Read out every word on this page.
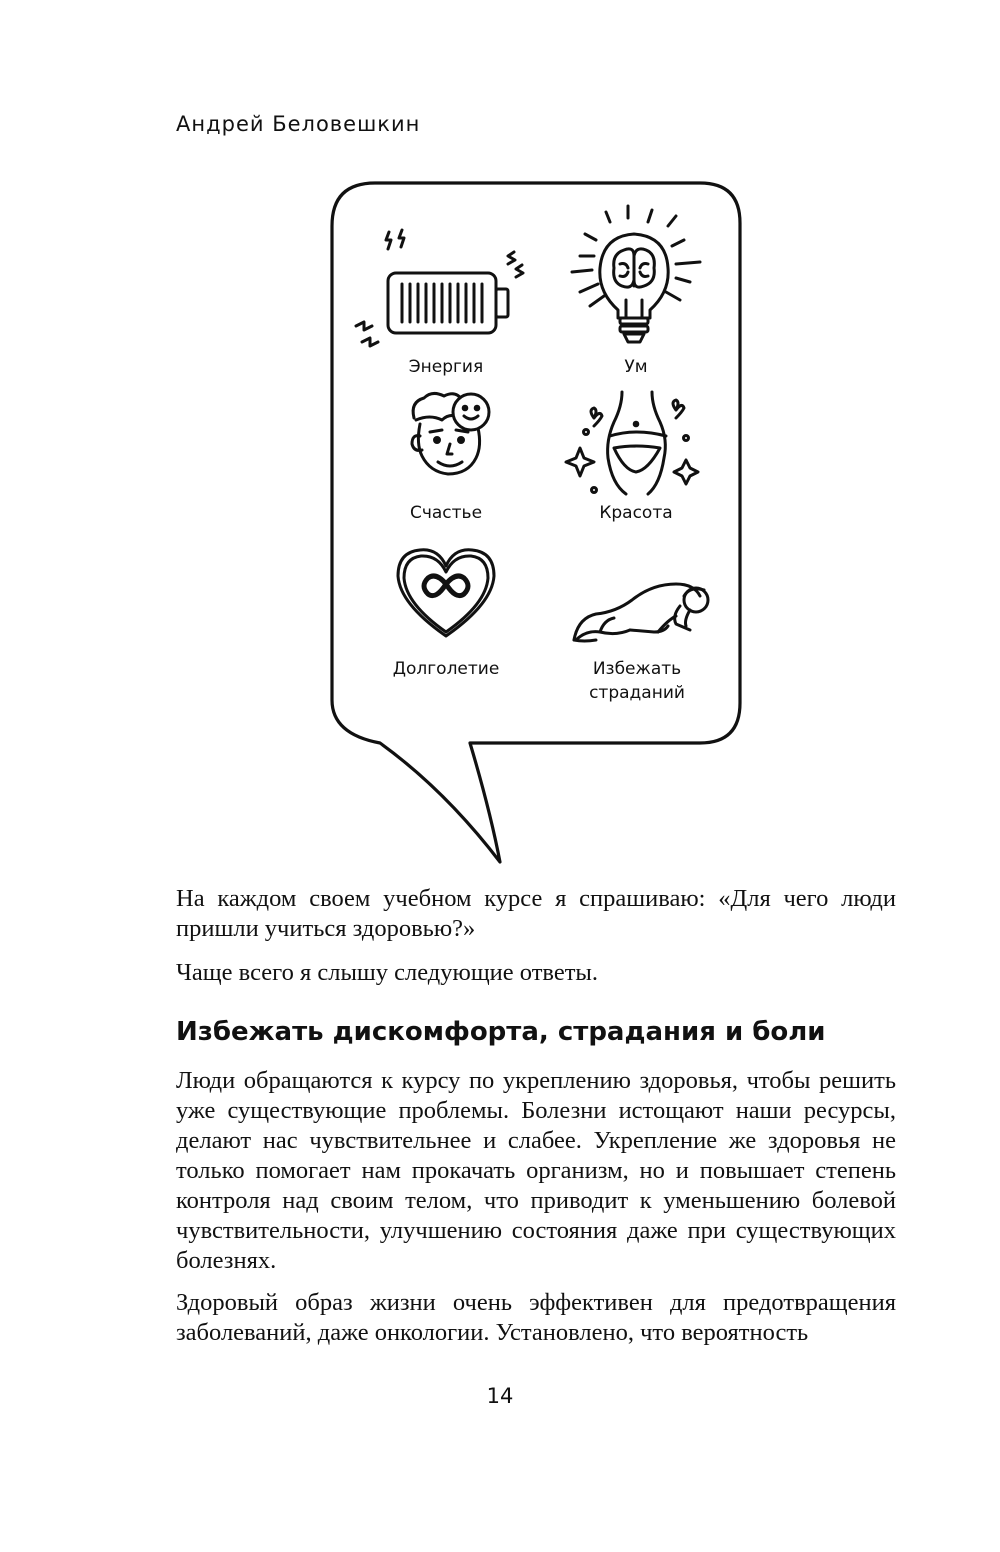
Андрей Беловешкин
Энергия	Ум
Счастье	Красота
Долголетие	Избежать страданий

На каждом своем учебном курсе я спрашиваю: «Для чего люди пришли учиться здоровью?»

Чаще всего я слышу следующие ответы.

Избежать дискомфорта, страдания и боли

Люди обращаются к курсу по укреплению здоровья, чтобы решить уже существующие проблемы. Болезни истощают наши ресурсы, делают нас чувствительнее и слабее. Укрепление же здоровья не только помогает нам прокачать организм, но и повышает степень контроля над своим телом, что приводит к уменьшению болевой чувствительности, улучшению состояния даже при существующих болезнях.

Здоровый образ жизни очень эффективен для предотвращения заболеваний, даже онкологии. Установлено, что вероятность

14
